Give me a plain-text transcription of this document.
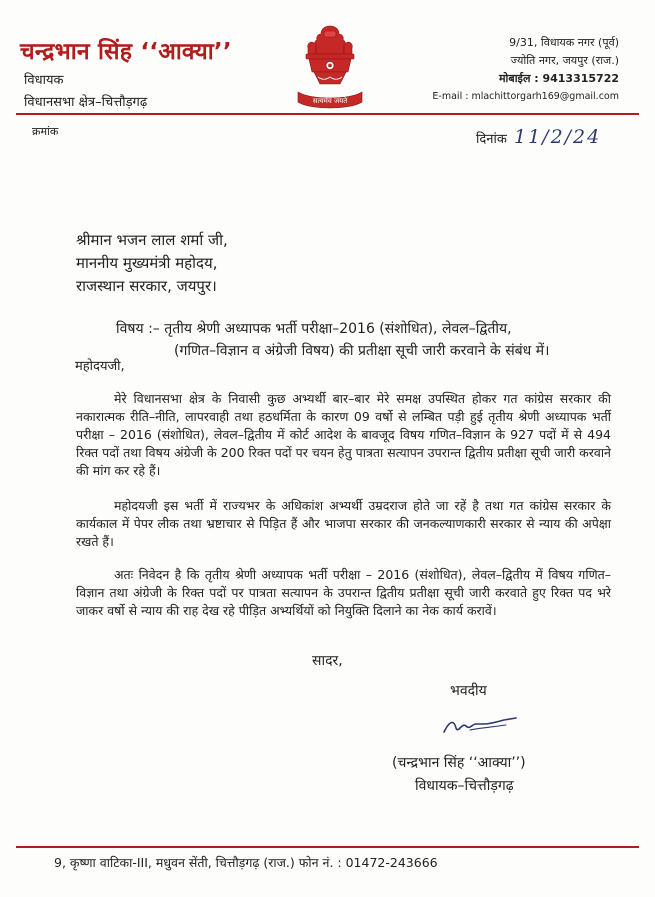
चन्द्रभान सिंह ‘‘आक्या’’
विधायक
विधानसभा क्षेत्र–चित्तौड़गढ़	सत्यमेव जयते
9/31, विधायक नगर (पूर्व)
ज्योति नगर, जयपुर (राज.)
मोबाईल : 9413315722
E-mail : mlachittorgarh169@gmail.com
क्रमांक
दिनांक 11/2/24
श्रीमान भजन लाल शर्मा जी,
माननीय मुख्यमंत्री महोदय,
राजस्थान सरकार, जयपुर।
विषय :– तृतीय श्रेणी अध्यापक भर्ती परीक्षा–2016 (संशोधित), लेवल–द्वितीय,
(गणित–विज्ञान व अंग्रेजी विषय) की प्रतीक्षा सूची जारी करवाने के संबंध में।
महोदयजी,
मेरे विधानसभा क्षेत्र के निवासी कुछ अभ्यर्थी बार–बार मेरे समक्ष उपस्थित होकर गत कांग्रेस सरकार की नकारात्मक रीति–नीति, लापरवाही तथा हठधर्मिता के कारण 09 वर्षो से लम्बित पड़ी हुई तृतीय श्रेणी अध्यापक भर्ती परीक्षा – 2016 (संशोधित), लेवल–द्वितीय में कोर्ट आदेश के बावजूद विषय गणित–विज्ञान के 927 पदों में से 494 रिक्त पदों तथा विषय अंग्रेजी के 200 रिक्त पदों पर चयन हेतु पात्रता सत्यापन उपरान्त द्वितीय प्रतीक्षा सूची जारी करवाने की मांग कर रहे हैं।
महोदयजी इस भर्ती में राज्यभर के अधिकांश अभ्यर्थी उम्रदराज होते जा रहें है तथा गत कांग्रेस सरकार के कार्यकाल में पेपर लीक तथा भ्रष्टाचार से पिड़ित हैं और भाजपा सरकार की जनकल्याणकारी सरकार से न्याय की अपेक्षा रखते हैं।
अतः निवेदन है कि तृतीय श्रेणी अध्यापक भर्ती परीक्षा – 2016 (संशोधित), लेवल–द्वितीय में विषय गणित–विज्ञान तथा अंग्रेजी के रिक्त पदों पर पात्रता सत्यापन के उपरान्त द्वितीय प्रतीक्षा सूची जारी करवाते हुए रिक्त पद भरे जाकर वर्षो से न्याय की राह देख रहे पीड़ित अभ्यर्थियों को नियुक्ति दिलाने का नेक कार्य करावें।
सादर,
भवदीय
(चन्द्रभान सिंह ‘‘आक्या’’)
विधायक–चित्तौड़गढ़
9, कृष्णा वाटिका-III, मधुवन सेंती, चित्तौड़गढ़ (राज.) फोन नं. : 01472-243666
